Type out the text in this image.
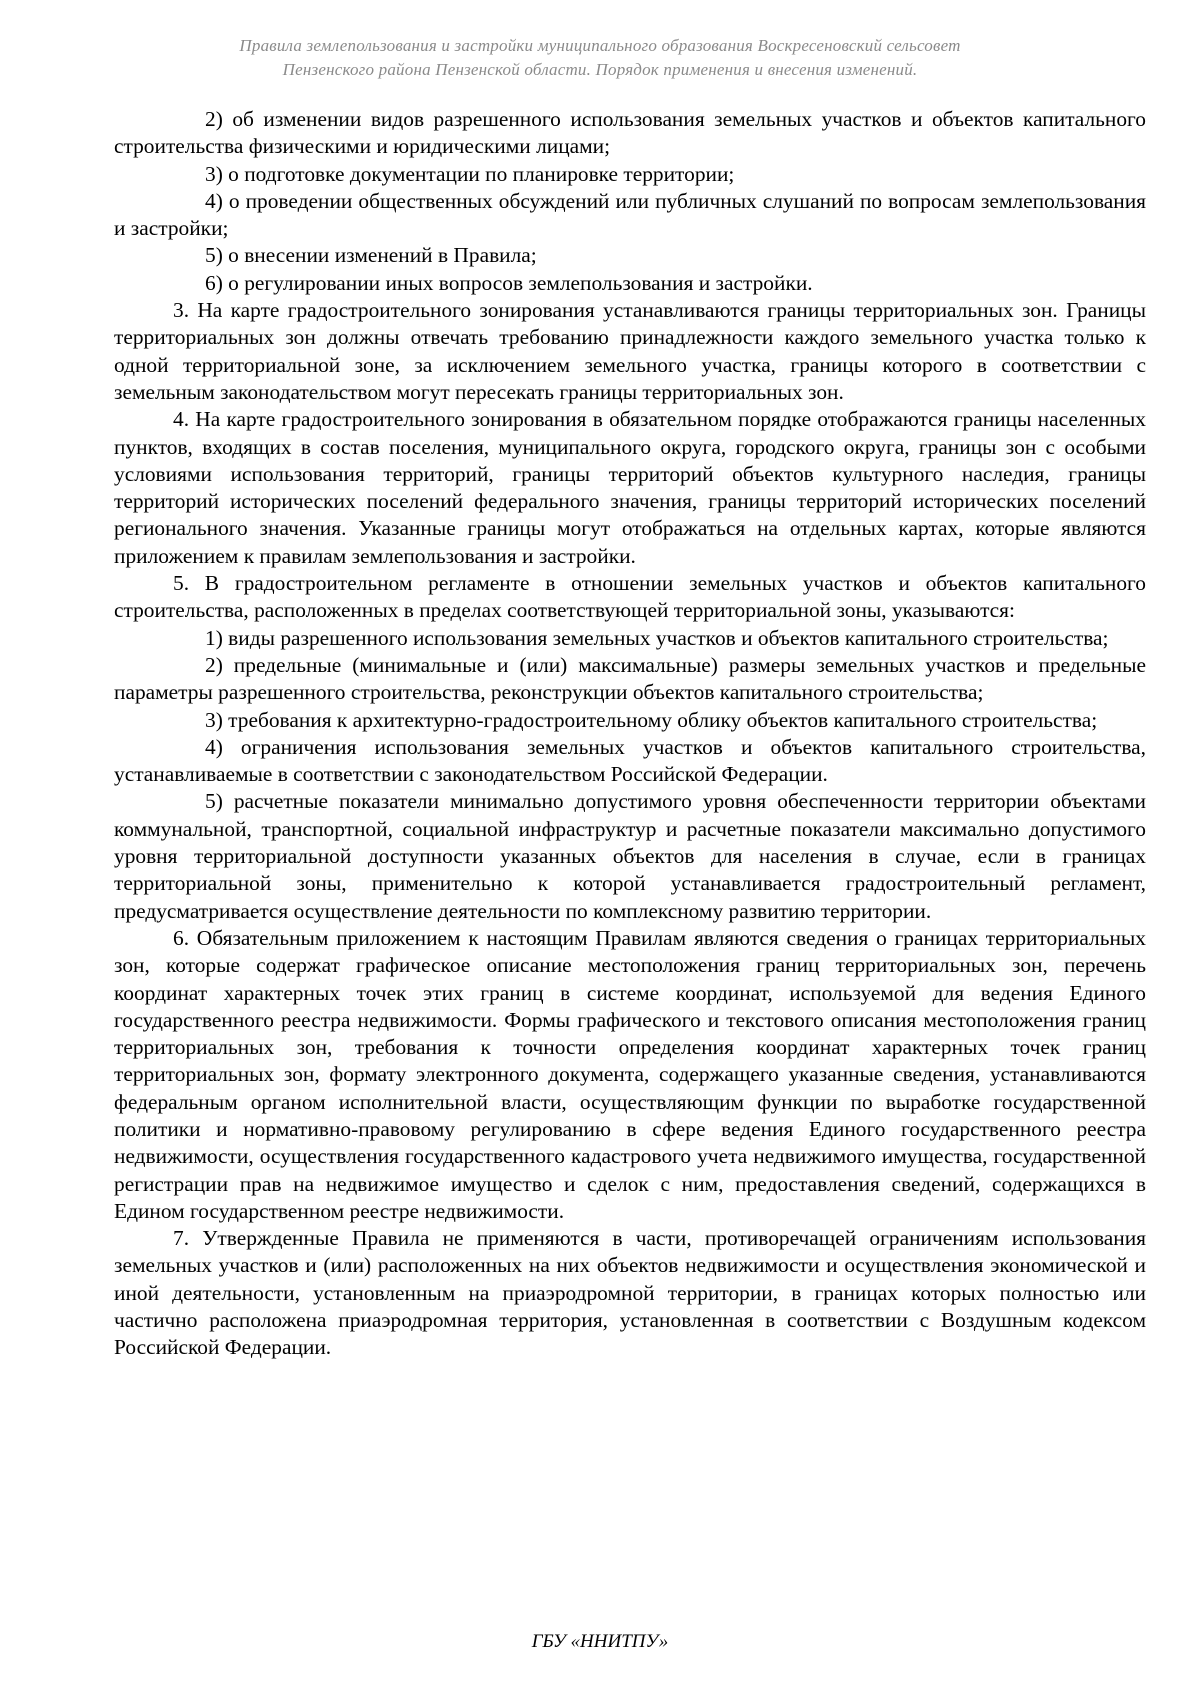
Правила землепользования и застройки муниципального образования Воскресеновский сельсовет
Пензенского района Пензенской области. Порядок применения и внесения изменений.

2) об изменении видов разрешенного использования земельных участков и объектов капитального строительства физическими и юридическими лицами;

3) о подготовке документации по планировке территории;

4) о проведении общественных обсуждений или публичных слушаний по вопросам землепользования и застройки;

5) о внесении изменений в Правила;

6) о регулировании иных вопросов землепользования и застройки.

3. На карте градостроительного зонирования устанавливаются границы территориальных зон. Границы территориальных зон должны отвечать требованию принадлежности каждого земельного участка только к одной территориальной зоне, за исключением земельного участка, границы которого в соответствии с земельным законодательством могут пересекать границы территориальных зон.

4. На карте градостроительного зонирования в обязательном порядке отображаются границы населенных пунктов, входящих в состав поселения, муниципального округа, городского округа, границы зон с особыми условиями использования территорий, границы территорий объектов культурного наследия, границы территорий исторических поселений федерального значения, границы территорий исторических поселений регионального значения. Указанные границы могут отображаться на отдельных картах, которые являются приложением к правилам землепользования и застройки.

5. В градостроительном регламенте в отношении земельных участков и объектов капитального строительства, расположенных в пределах соответствующей территориальной зоны, указываются:

1) виды разрешенного использования земельных участков и объектов капитального строительства;

2) предельные (минимальные и (или) максимальные) размеры земельных участков и предельные параметры разрешенного строительства, реконструкции объектов капитального строительства;

3) требования к архитектурно-градостроительному облику объектов капитального строительства;

4) ограничения использования земельных участков и объектов капитального строительства, устанавливаемые в соответствии с законодательством Российской Федерации.

5) расчетные показатели минимально допустимого уровня обеспеченности территории объектами коммунальной, транспортной, социальной инфраструктур и расчетные показатели максимально допустимого уровня территориальной доступности указанных объектов для населения в случае, если в границах территориальной зоны, применительно к которой устанавливается градостроительный регламент, предусматривается осуществление деятельности по комплексному развитию территории.

6. Обязательным приложением к настоящим Правилам являются сведения о границах территориальных зон, которые содержат графическое описание местоположения границ территориальных зон, перечень координат характерных точек этих границ в системе координат, используемой для ведения Единого государственного реестра недвижимости. Формы графического и текстового описания местоположения границ территориальных зон, требования к точности определения координат характерных точек границ территориальных зон, формату электронного документа, содержащего указанные сведения, устанавливаются федеральным органом исполнительной власти, осуществляющим функции по выработке государственной политики и нормативно-правовому регулированию в сфере ведения Единого государственного реестра недвижимости, осуществления государственного кадастрового учета недвижимого имущества, государственной регистрации прав на недвижимое имущество и сделок с ним, предоставления сведений, содержащихся в Едином государственном реестре недвижимости.

7. Утвержденные Правила не применяются в части, противоречащей ограничениям использования земельных участков и (или) расположенных на них объектов недвижимости и осуществления экономической и иной деятельности, установленным на приаэродромной территории, в границах которых полностью или частично расположена приаэродромная территория, установленная в соответствии с Воздушным кодексом Российской Федерации.

ГБУ «ННИТПУ»
